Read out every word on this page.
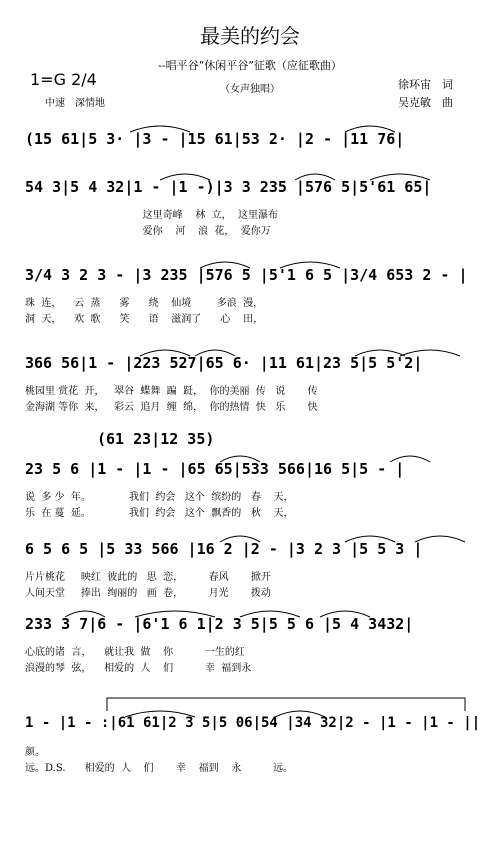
最美的约会
--唱平谷“休闲平谷”征歌（应征歌曲）
（女声独唱）
1=G 2/4
中速　深情地
徐环宙　词
吴克敏　曲
(15 61|5 3· |3 - |15 61|53 2· |2 - |11 76|
54 3|5 4 32|1 - |1 -)|3 3 235 |576 5|5'61 65|
这里奇峰    林  立，  这里瀑布
爱你    河    浪  花，  爱你万
3/4 3 2 3 - |3 235 |576 5 |5'1 6 5 |3/4 653 2 - |
珠  连，    云  蒸      雾      绕    仙境        多浪  漫，
洞  天，    欢  歌      笑      语    滋润了      心    田，
366 56|1 - |223 527|65 6· |11 61|23 5|5 5'2|
桃园里 赏花  开，   翠谷  蝶舞  蹁  跹，  你的美丽  传   说       传
金海湖 等你  来，   彩云  追月  缠  绵，  你的热情  快   乐       快
(61 23|12 35)
23 5 6 |1 - |1 - |65 65|533 566|16 5|5 - |
说  多 少  年。            我们  约会   这个  缤纷的   春    天，
乐  在 蔓  延。            我们  约会   这个  飘香的   秋    天，
6 5 6 5 |5 33 566 |16 2 |2 - |3 2 3 |5 5 3 |
片片桃花     映红  彼此的   思  恋，        春风       掀开
人间天堂     捧出  绚丽的   画  卷，        月光       拨动
233 3 7|6 - |6'1 6 1|2 3 5|5 5 6 |5 4 3432|
心底的诸  言，    就让我  做    你          一生的红
浪漫的琴  弦，    相爱的  人    们          幸  福到永
1 - |1 - :|61 61|2 3 5|5 06|54 |34 32|2 - |1 - |1 - ||
颜。
远。D.S.      相爱的  人    们       幸    福到    永          远。
